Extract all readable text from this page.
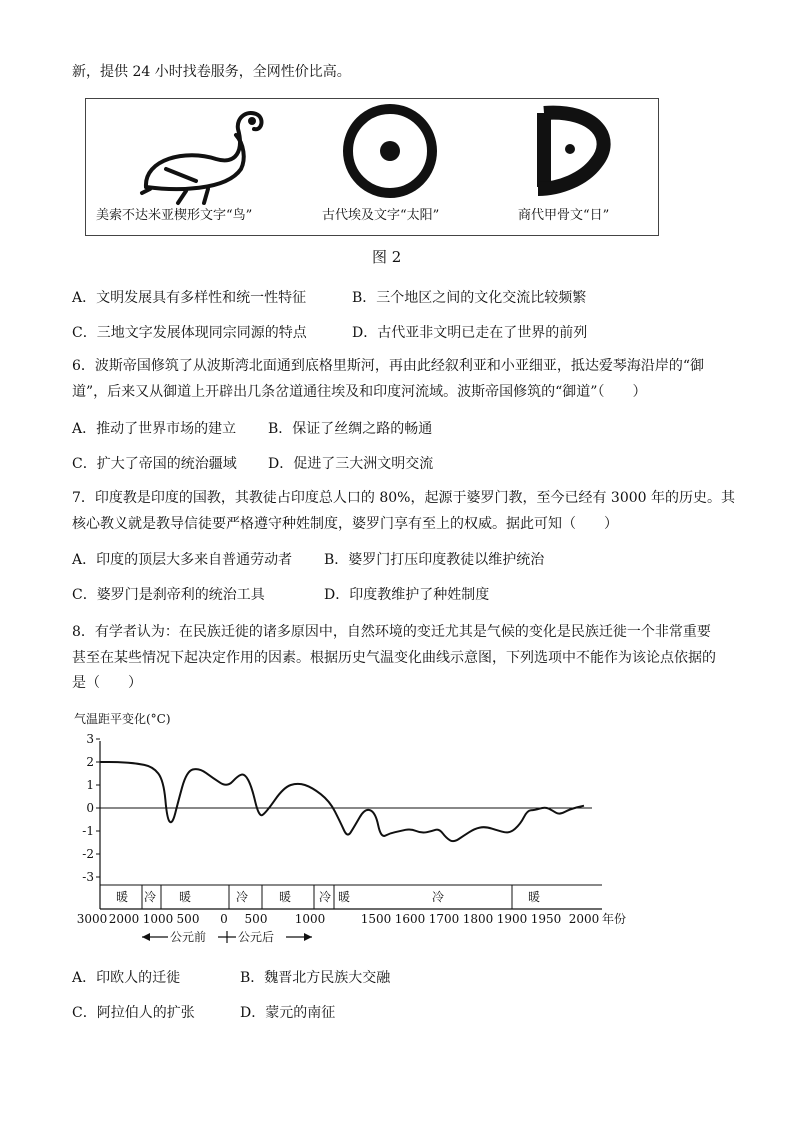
新，提供 24 小时找卷服务，全网性价比高。
美索不达米亚楔形文字“鸟”	古代埃及文字“太阳”	商代甲骨文“日”
图 2
A．文明发展具有多样性和统一性特征	B．三个地区之间的文化交流比较频繁
C．三地文字发展体现同宗同源的特点	D．古代亚非文明已走在了世界的前列
6．波斯帝国修筑了从波斯湾北面通到底格里斯河，再由此经叙利亚和小亚细亚，抵达爱琴海沿岸的“御
道”，后来又从御道上开辟出几条岔道通往埃及和印度河流域。波斯帝国修筑的“御道”（　　）
A．推动了世界市场的建立 B．保证了丝绸之路的畅通
C．扩大了帝国的统治疆域 D．促进了三大洲文明交流
7．印度教是印度的国教，其教徒占印度总人口的 80%，起源于婆罗门教，至今已经有 3000 年的历史。其
核心教义就是教导信徒要严格遵守种姓制度，婆罗门享有至上的权威。据此可知（　　）
A．印度的顶层大多来自普通劳动者 B．婆罗门打压印度教徒以维护统治
C．婆罗门是刹帝利的统治工具	D．印度教维护了种姓制度
8．有学者认为：在民族迁徙的诸多原因中，自然环境的变迁尤其是气候的变化是民族迁徙一个非常重要
甚至在某些情况下起决定作用的因素。根据历史气温变化曲线示意图，下列选项中不能作为该论点依据的
是（　　）
气温距平变化(°C)
3
2
1
0
-1
-2
-3
暖 冷 暖	冷	暖 冷 暖	冷	暖
3000 2000 1000 500 0 500 1000	1500 1600 1700 1800 1900 1950 2000 年份
公元前	公元后
A．印欧人的迁徙	B．魏晋北方民族大交融
C．阿拉伯人的扩张	D．蒙元的南征
